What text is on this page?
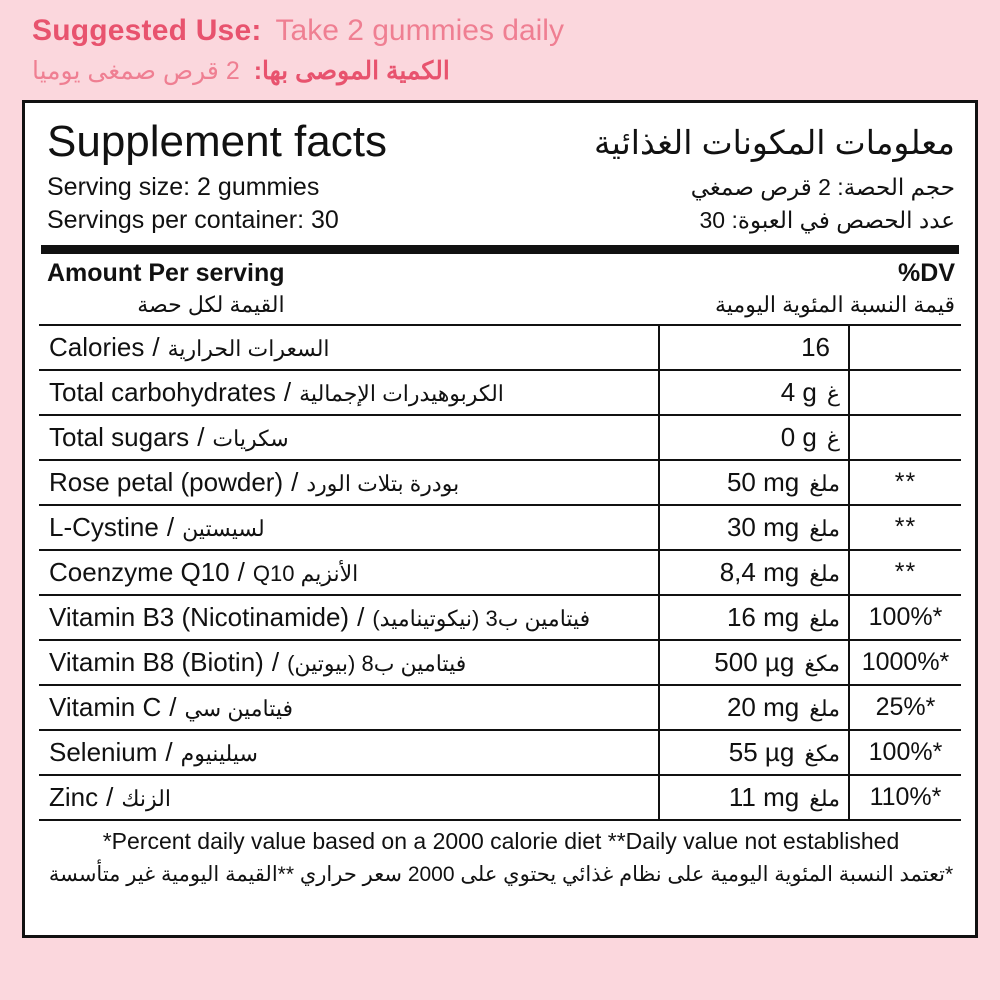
Suggested Use: Take 2 gummies daily
الكمية الموصى بها:
2 قرص صمغى يوميا
Supplement facts	معلومات المكونات الغذائية
Serving size: 2 gummies
Servings per container: 30
حجم الحصة: 2 قرص صمغي
عدد الحصص في العبوة: 30
Amount Per serving
القيمة لكل حصة
%DV
قيمة النسبة المئوية اليومية
Calories / السعرات الحرارية	16	

Total carbohydrates / الكربوهيدرات الإجمالية	4 g غ	

Total sugars / سكريات	0 g غ	

Rose petal (powder) / بودرة بتلات الورد	50 mg ملغ	**

L-Cystine / لسيستين	30 mg ملغ	**

Coenzyme Q10 / الأنزيم Q10	8,4 mg ملغ	**

Vitamin B3 (Nicotinamide) / فيتامين ب3 (نيكوتيناميد)	16 mg ملغ	100%*

Vitamin B8 (Biotin) / فيتامين ب8 (بيوتين)	500 µg مكغ	1000%*

Vitamin C / فيتامين سي	20 mg ملغ	25%*

Selenium / سيلينيوم	55 µg مكغ	100%*

Zinc / الزنك	11 mg ملغ	110%*
*Percent daily value based on a 2000 calorie diet **Daily value not established
*تعتمد النسبة المئوية اليومية على نظام غذائي يحتوي على 2000 سعر حراري **القيمة اليومية غير متأسسة
